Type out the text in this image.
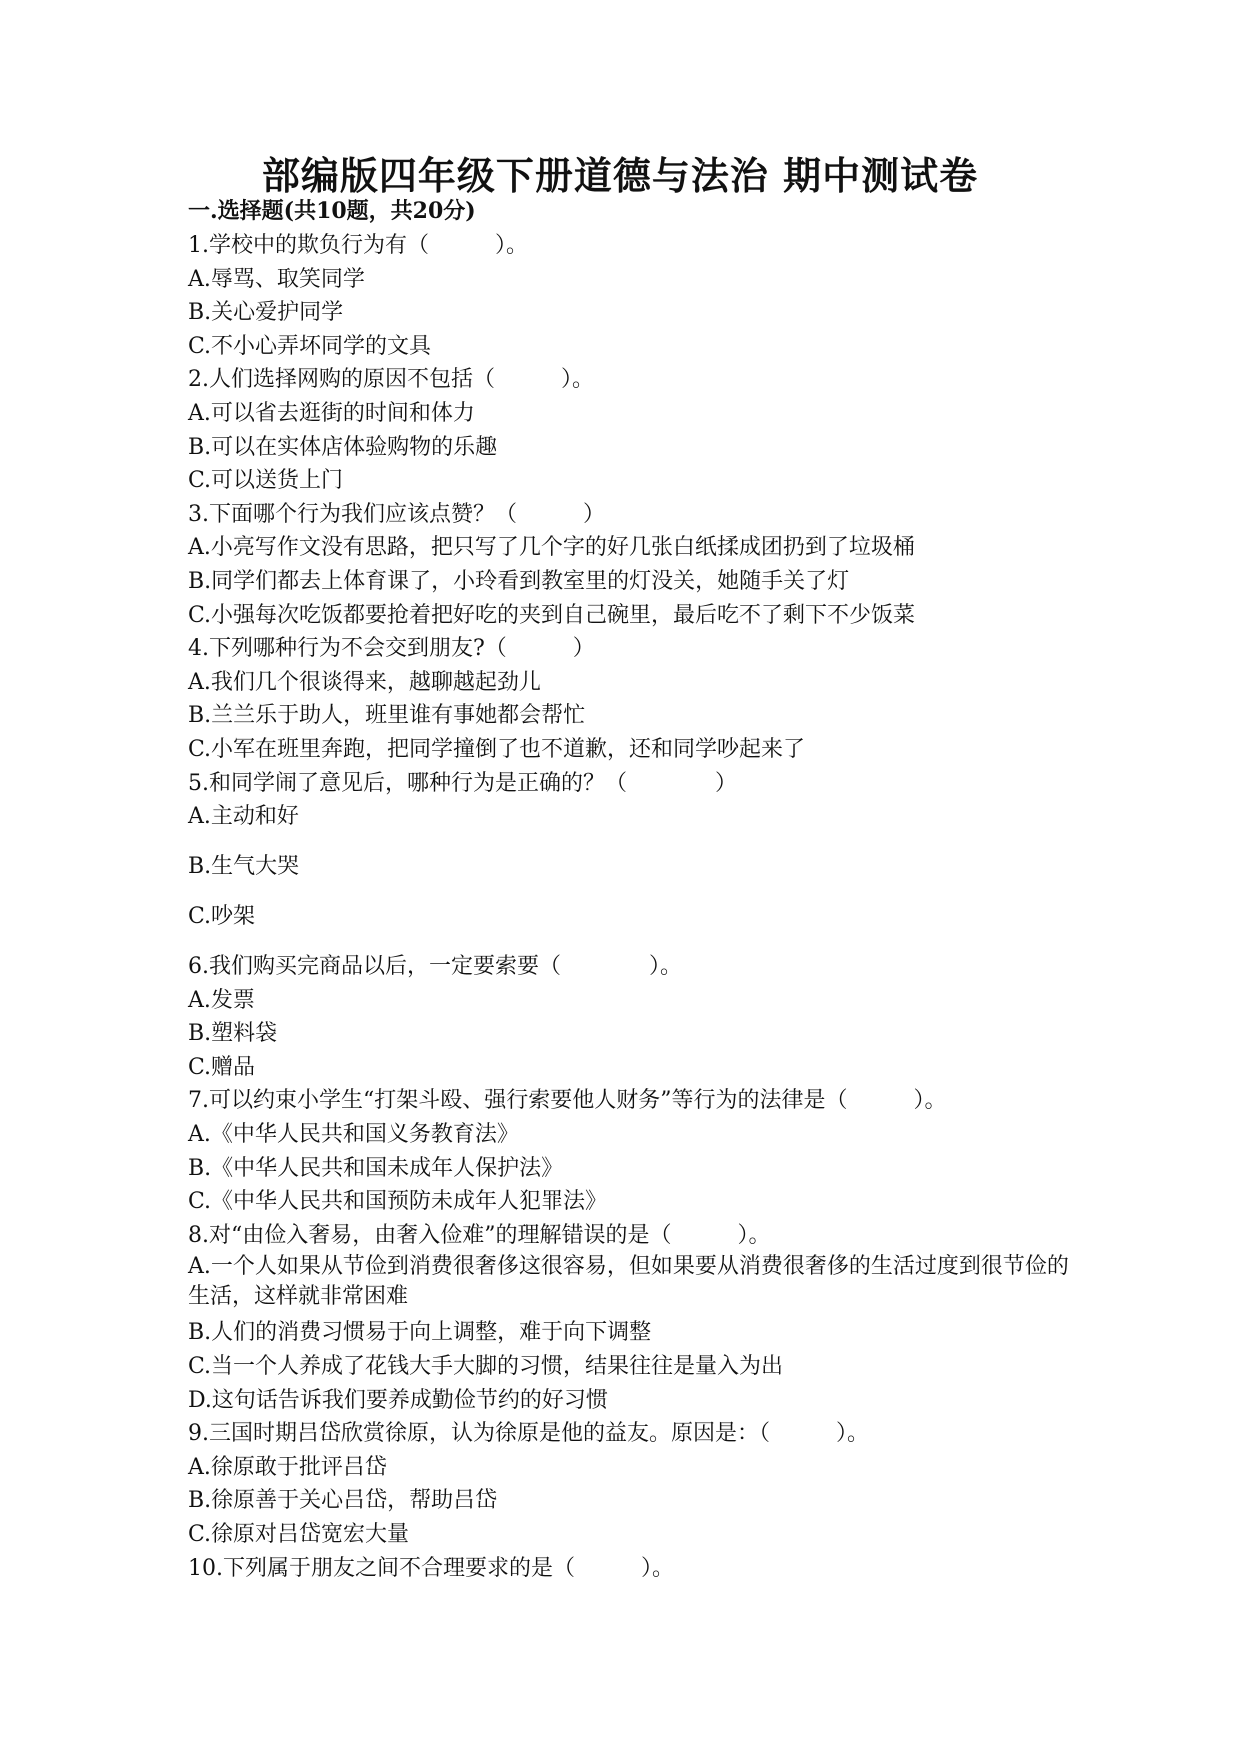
部编版四年级下册道德与法治 期中测试卷
一.选择题(共10题，共20分)
1.学校中的欺负行为有（　　　）。
A.辱骂、取笑同学
B.关心爱护同学
C.不小心弄坏同学的文具
2.人们选择网购的原因不包括（　　　）。
A.可以省去逛街的时间和体力
B.可以在实体店体验购物的乐趣
C.可以送货上门
3.下面哪个行为我们应该点赞？（　　　）
A.小亮写作文没有思路，把只写了几个字的好几张白纸揉成团扔到了垃圾桶
B.同学们都去上体育课了，小玲看到教室里的灯没关，她随手关了灯
C.小强每次吃饭都要抢着把好吃的夹到自己碗里，最后吃不了剩下不少饭菜
4.下列哪种行为不会交到朋友?（　　　）
A.我们几个很谈得来，越聊越起劲儿
B.兰兰乐于助人，班里谁有事她都会帮忙
C.小军在班里奔跑，把同学撞倒了也不道歉，还和同学吵起来了
5.和同学闹了意见后，哪种行为是正确的？（　　　　）
A.主动和好
B.生气大哭
C.吵架
6.我们购买完商品以后，一定要索要（　　　　）。
A.发票
B.塑料袋
C.赠品
7.可以约束小学生“打架斗殴、强行索要他人财务”等行为的法律是（　　　）。
A.《中华人民共和国义务教育法》
B.《中华人民共和国未成年人保护法》
C.《中华人民共和国预防未成年人犯罪法》
8.对“由俭入奢易，由奢入俭难”的理解错误的是（　　　）。
A.一个人如果从节俭到消费很奢侈这很容易，但如果要从消费很奢侈的生活过度到很节俭的生活，这样就非常困难
B.人们的消费习惯易于向上调整，难于向下调整
C.当一个人养成了花钱大手大脚的习惯，结果往往是量入为出
D.这句话告诉我们要养成勤俭节约的好习惯
9.三国时期吕岱欣赏徐原，认为徐原是他的益友。原因是：（　　　）。
A.徐原敢于批评吕岱
B.徐原善于关心吕岱，帮助吕岱
C.徐原对吕岱宽宏大量
10.下列属于朋友之间不合理要求的是（　　　）。
